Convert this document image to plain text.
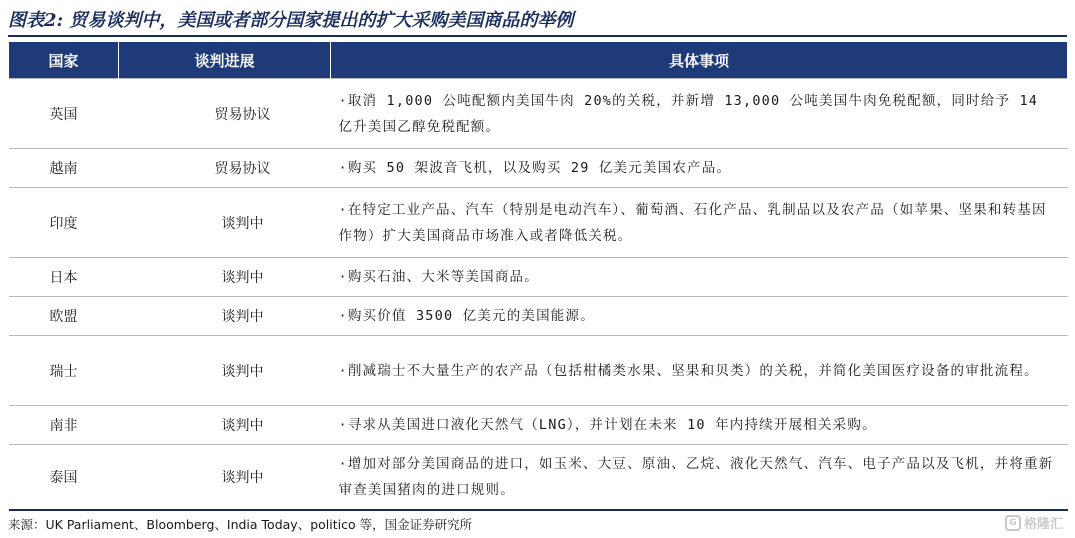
图表2: 贸易谈判中，美国或者部分国家提出的扩大采购美国商品的举例
国家	谈判进展	具体事项
英国	贸易协议	·取消 1,000 公吨配额内美国牛肉 20%的关税，并新增 13,000 公吨美国牛肉免税配额，同时给予 14 亿升美国乙醇免税配额。
越南	贸易协议	·购买 50 架波音飞机，以及购买 29 亿美元美国农产品。
印度	谈判中	·在特定工业产品、汽车（特别是电动汽车）、葡萄酒、石化产品、乳制品以及农产品（如苹果、坚果和转基因作物）扩大美国商品市场准入或者降低关税。
日本	谈判中	·购买石油、大米等美国商品。
欧盟	谈判中	·购买价值 3500 亿美元的美国能源。
瑞士	谈判中	·削减瑞士不大量生产的农产品（包括柑橘类水果、坚果和贝类）的关税，并简化美国医疗设备的审批流程。
南非	谈判中	·寻求从美国进口液化天然气（LNG），并计划在未来 10 年内持续开展相关采购。
泰国	谈判中	·增加对部分美国商品的进口，如玉米、大豆、原油、乙烷、液化天然气、汽车、电子产品以及飞机，并将重新审查美国猪肉的进口规则。
来源：UK Parliament、Bloomberg、India Today、politico 等，国金证券研究所	G 格隆汇
